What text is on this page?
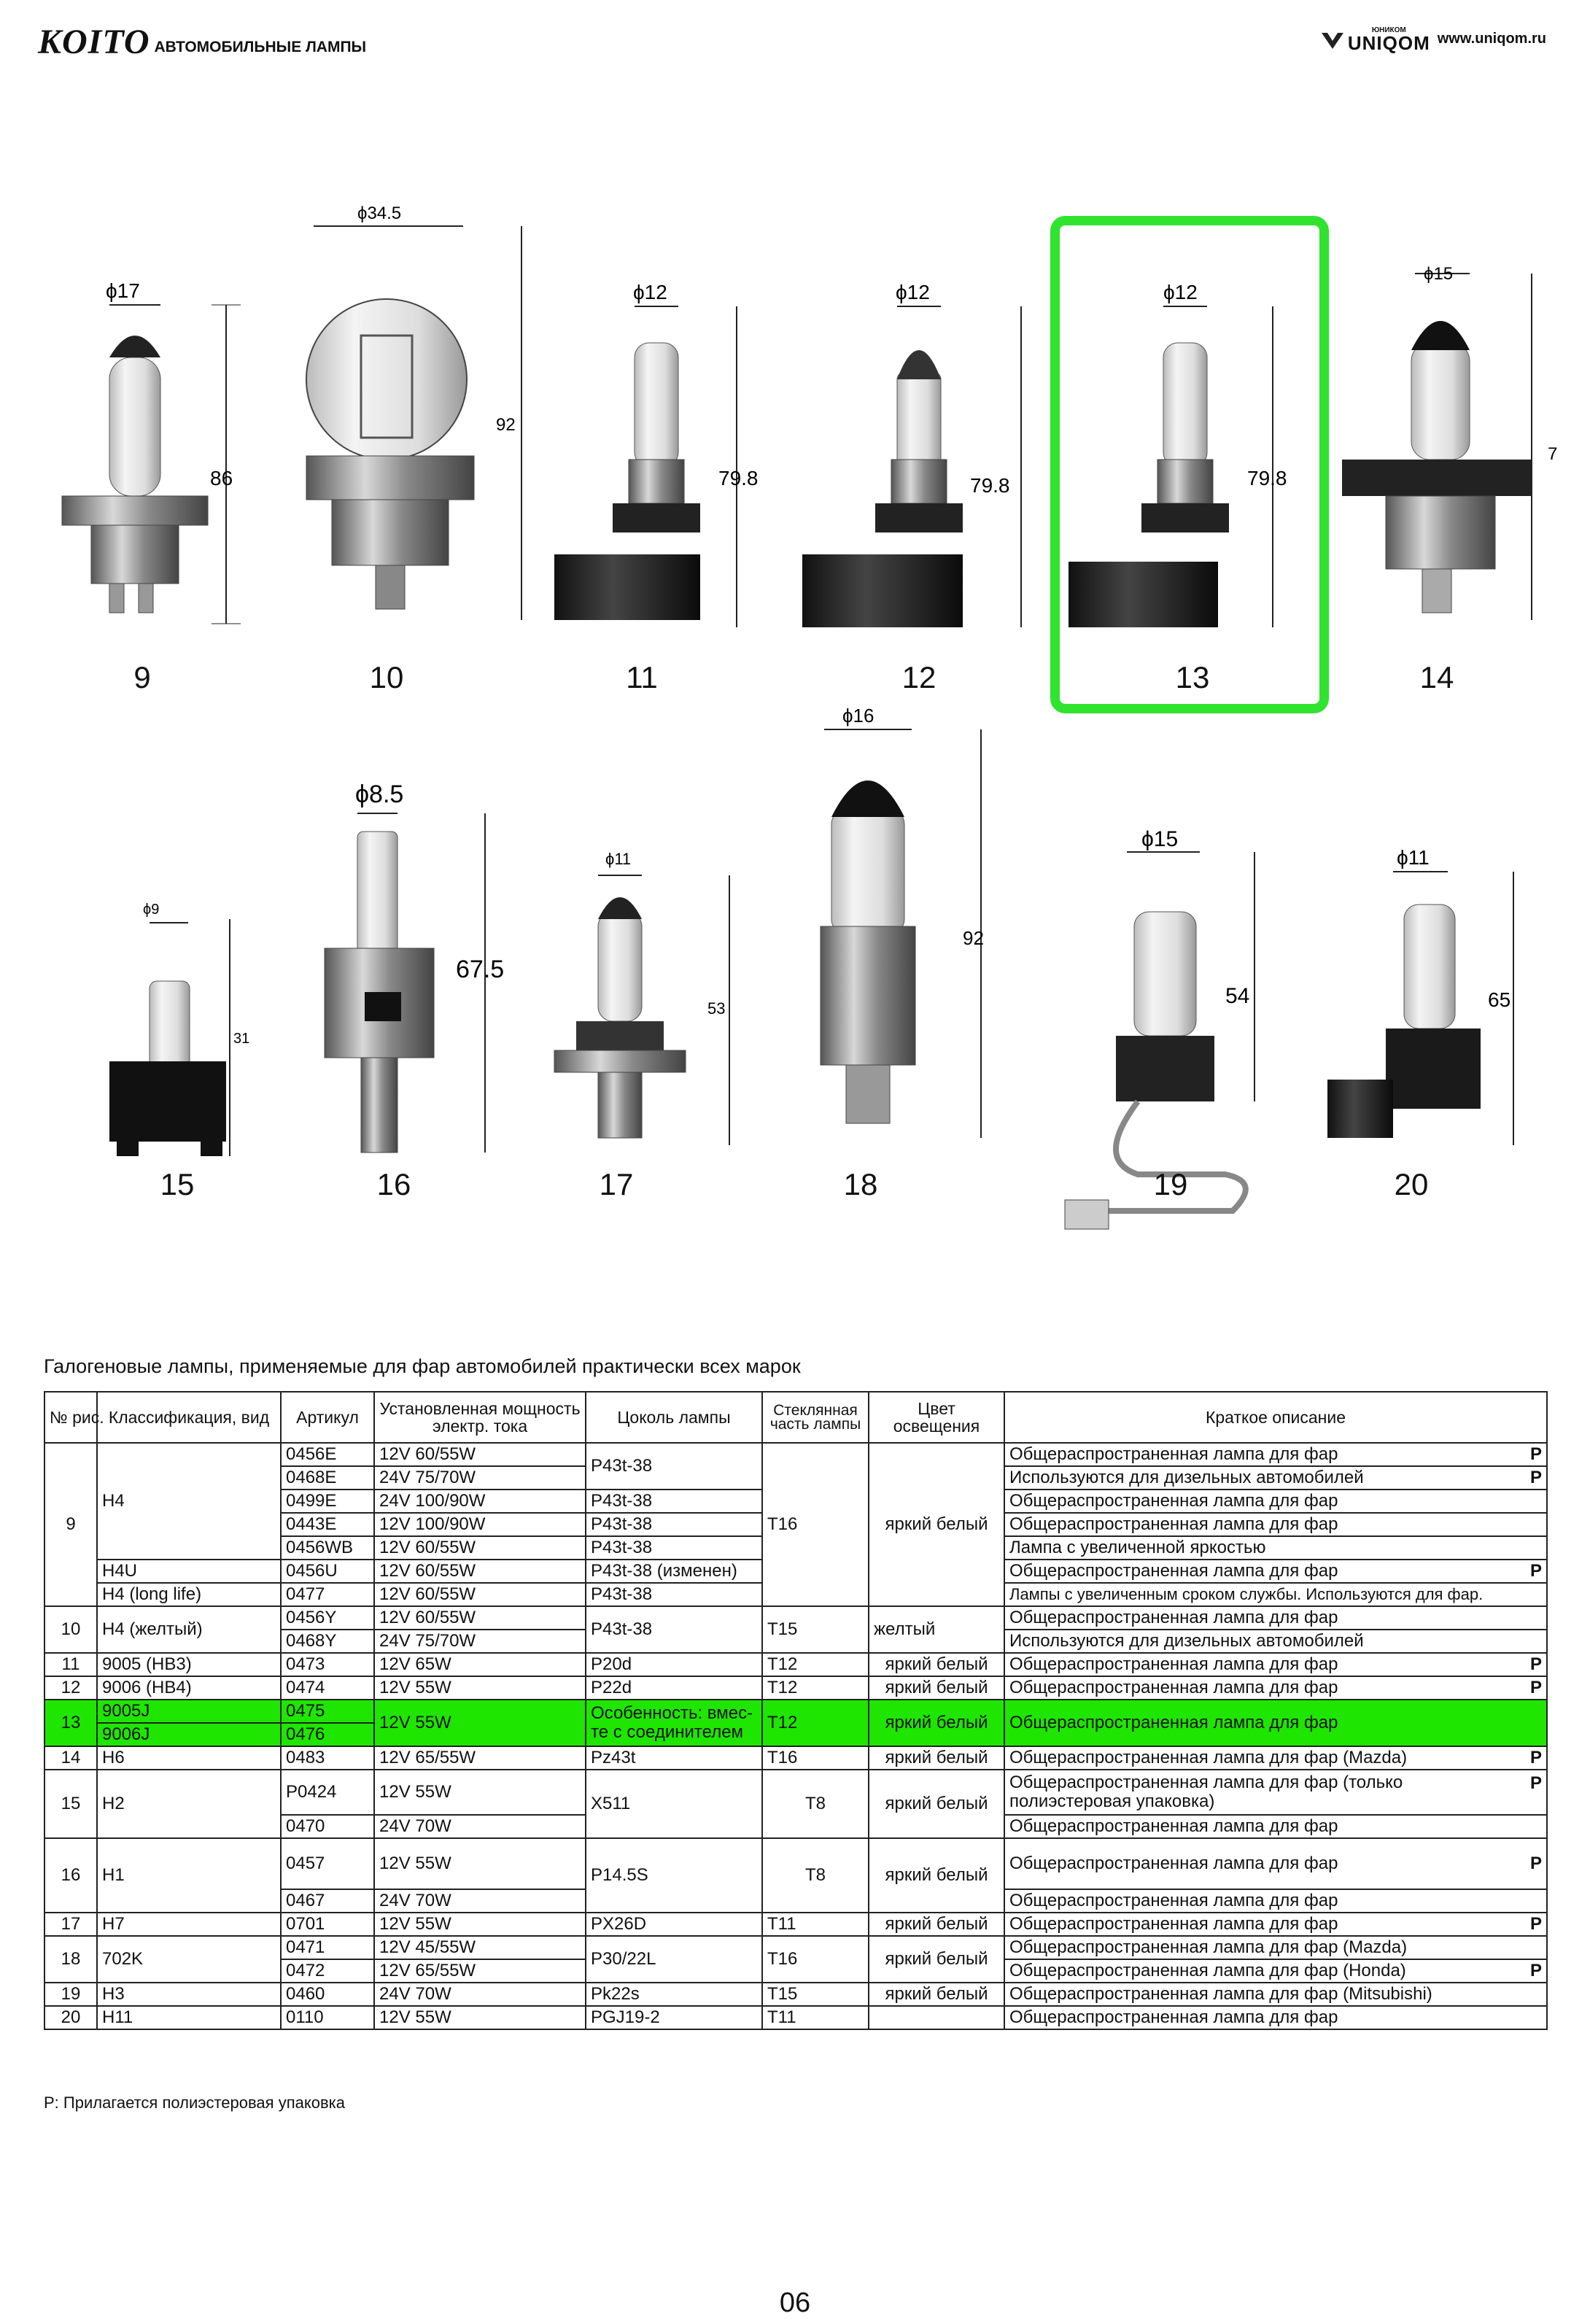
KOITO АВТОМОБИЛЬНЫЕ ЛАМПЫ
ЮНИКОМ
UNIQOM www.uniqom.ru
ϕ17
86
ϕ34.5
92
ϕ12
79.8
ϕ12
79.8
ϕ12
79.8
ϕ15
7
ϕ9
31
ϕ8.5
67.5
ϕ11
53
ϕ16
92
ϕ15
54
ϕ11
65
9	10	11	12	13	14
15	16	17	18	19	20
Галогеновые лампы, применяемые для фар автомобилей практически всех марок
№ рис.	Классификация, вид	Артикул	Установленная мощность электр. тока	Цоколь лампы	Стеклянная часть лампы	Цвет освещения	Краткое описание
9	H4	0456E	12V 60/55W	P43t-38	T16	яркий белый	Общераспространенная лампа для фар P

		0468E	24V 75/70W				Используются для дизельных автомобилей P

		0499E	24V 100/90W	P43t-38			Общераспространенная лампа для фар
		0443E	12V 100/90W	P43t-38			Общераспространенная лампа для фар
		0456WB	12V 60/55W	P43t-38			Лампа с увеличенной яркостью
	H4U	0456U	12V 60/55W	P43t-38 (изменен)			Общераспространенная лампа для фар P

	H4 (long life)	0477	12V 60/55W	P43t-38			Лампы с увеличенным сроком службы. Используются для фар.
10	H4 (желтый)	0456Y	12V 60/55W	P43t-38	T15	желтый	Общераспространенная лампа для фар
		0468Y	24V 75/70W				Используются для дизельных автомобилей
11	9005 (HB3)	0473	12V 65W	P20d	T12	яркий белый	Общераспространенная лампа для фар P

12	9006 (HB4)	0474	12V 55W	P22d	T12	яркий белый	Общераспространенная лампа для фар P

13	9005J	0475	12V 55W	Особенность: вмес-те с соединителем	T12	яркий белый	Общераспространенная лампа для фар
	9006J	0476					
14	H6	0483	12V 65/55W	Pz43t	T16	яркий белый	Общераспространенная лампа для фар (Mazda) P

15	H2	P0424	12V 55W	X511	T8	яркий белый	Общераспространенная лампа для фар (только полиэстеровая упаковка)
P

		0470	24V 70W				Общераспространенная лампа для фар
16	H1	0457	12V 55W	P14.5S	T8	яркий белый	Общераспространенная лампа для фар P

		0467	24V 70W				Общераспространенная лампа для фар
17	H7	0701	12V 55W	PX26D	T11	яркий белый	Общераспространенная лампа для фар P

18	702K	0471	12V 45/55W	P30/22L	T16	яркий белый	Общераспространенная лампа для фар (Mazda)
		0472	12V 65/55W				Общераспространенная лампа для фар (Honda) P

19	H3	0460	24V 70W	Pk22s	T15	яркий белый	Общераспространенная лампа для фар (Mitsubishi)
20	H11	0110	12V 55W	PGJ19-2	T11		Общераспространенная лампа для фар
P: Прилагается полиэстеровая упаковка
06
